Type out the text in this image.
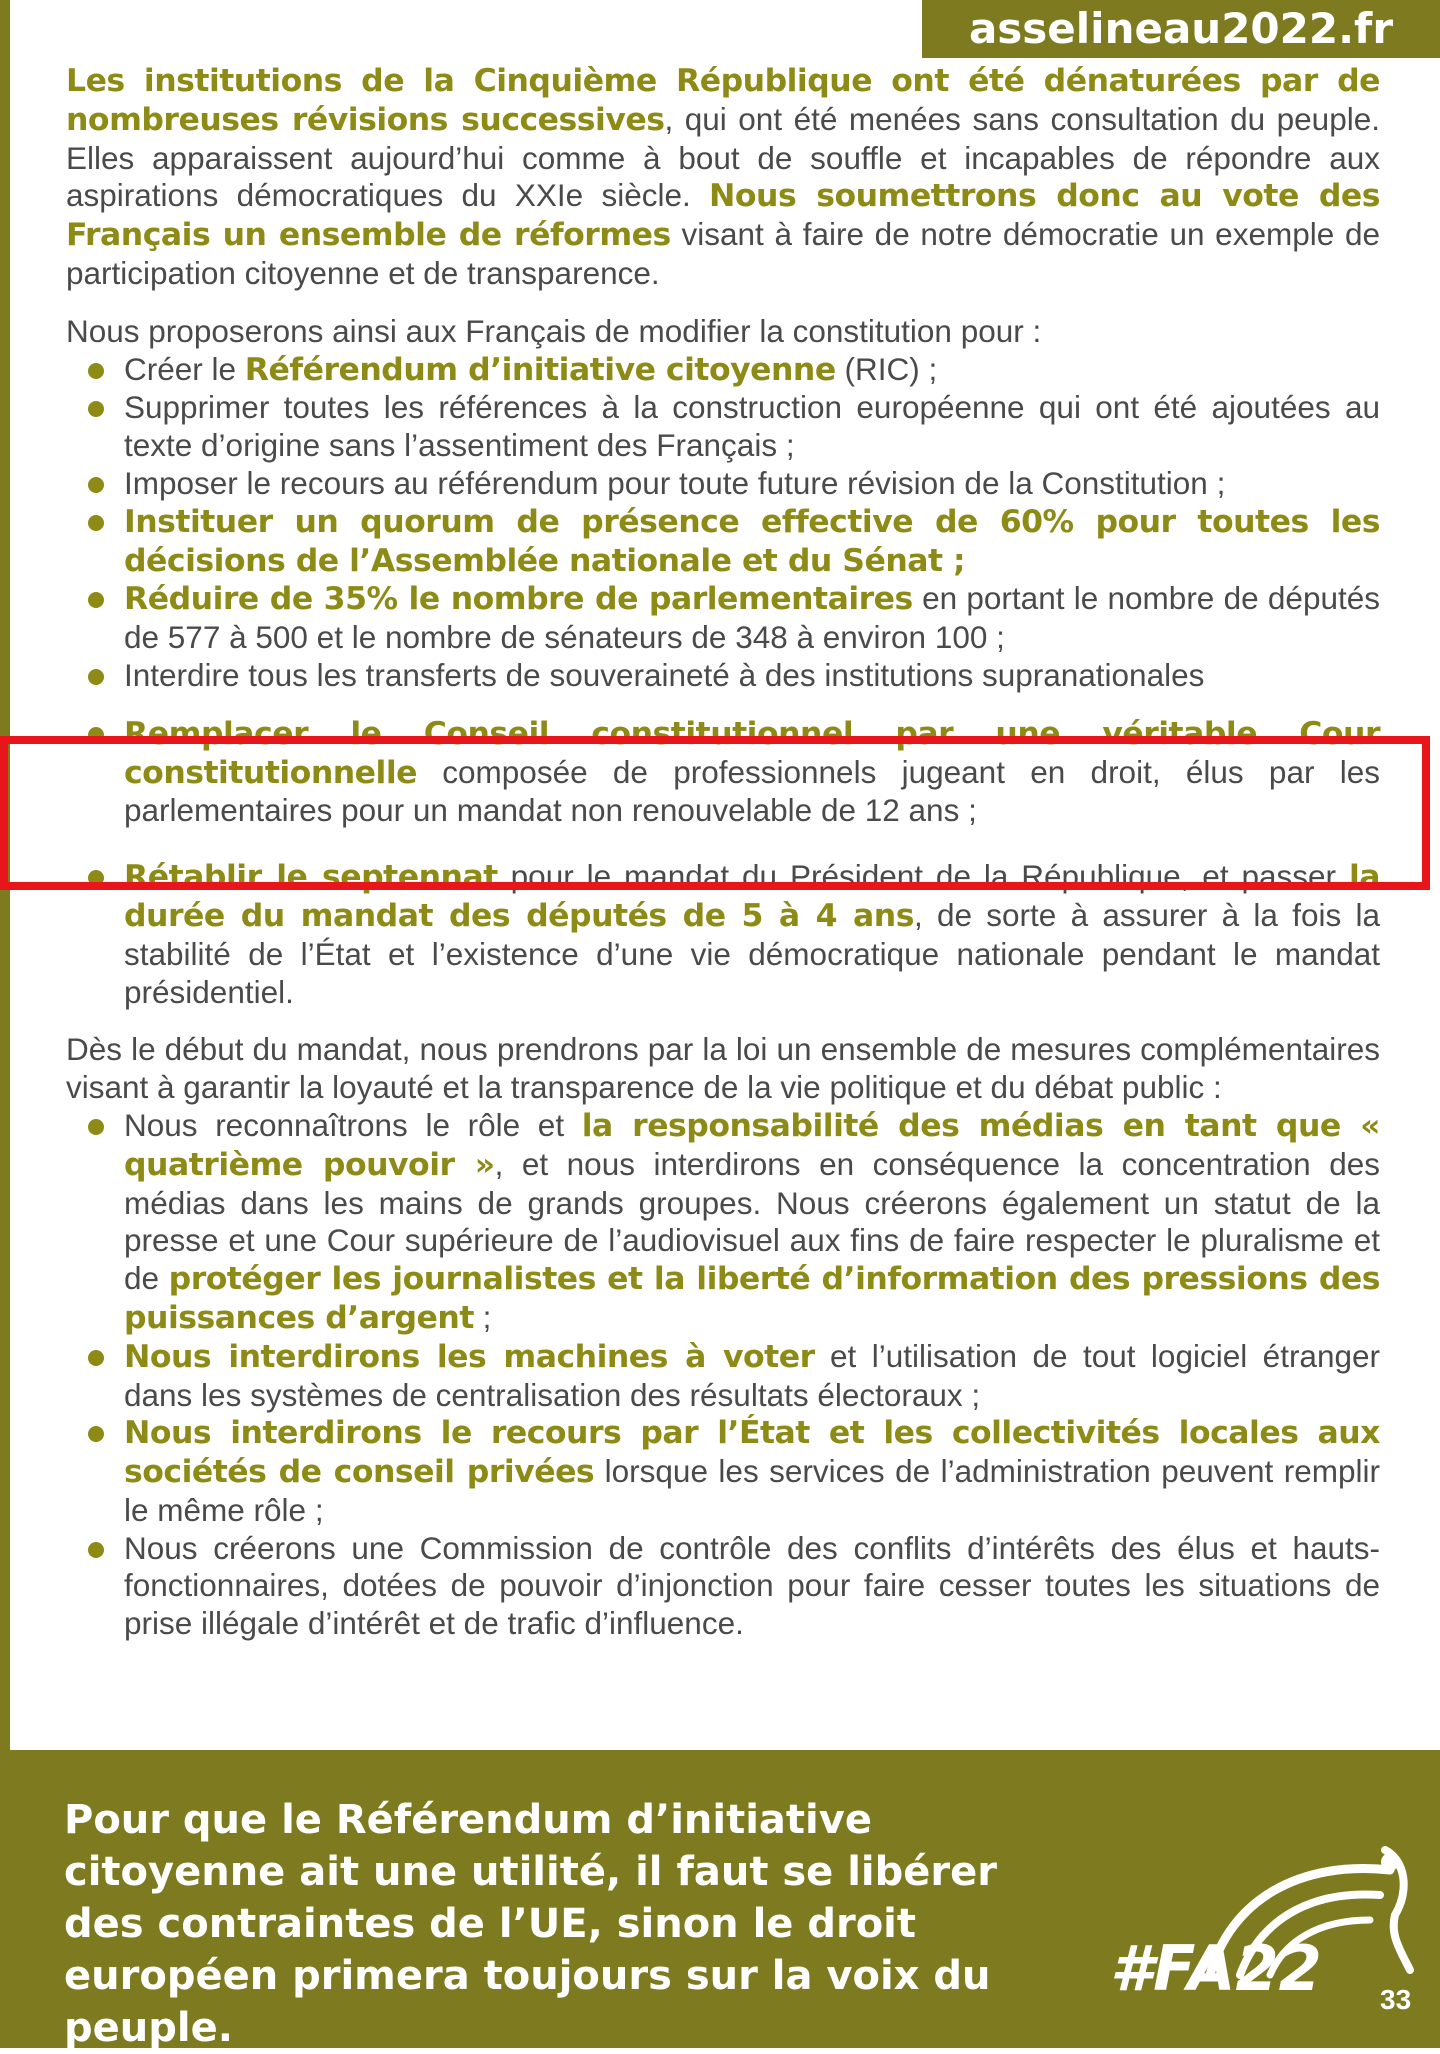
asselineau2022.fr

Les institutions de la Cinquième République ont été dénaturées par de nombreuses révisions successives, qui ont été menées sans consultation du peuple. Elles apparaissent aujourd’hui comme à bout de souffle et incapables de répondre aux aspirations démocratiques du XXIe siècle. Nous soumettrons donc au vote des Français un ensemble de réformes visant à faire de notre démocratie un exemple de participation citoyenne et de transparence.

Nous proposerons ainsi aux Français de modifier la constitution pour :

Créer le Référendum d’initiative citoyenne (RIC) ;
Supprimer toutes les références à la construction européenne qui ont été ajoutées au texte d’origine sans l’assentiment des Français ;
Imposer le recours au référendum pour toute future révision de la Constitution ;
Instituer un quorum de présence effective de 60% pour toutes les décisions de l’Assemblée nationale et du Sénat ;
Réduire de 35% le nombre de parlementaires en portant le nombre de députés de 577 à 500 et le nombre de sénateurs de 348 à environ 100 ;
Interdire tous les transferts de souveraineté à des institutions supranationales
Remplacer le Conseil constitutionnel par une véritable Cour constitutionnelle composée de professionnels jugeant en droit, élus par les parlementaires pour un mandat non renouvelable de 12 ans ;
Rétablir le septennat pour le mandat du Président de la République, et passer la durée du mandat des députés de 5 à 4 ans, de sorte à assurer à la fois la stabilité de l’État et l’existence d’une vie démocratique nationale pendant le mandat présidentiel.

Dès le début du mandat, nous prendrons par la loi un ensemble de mesures complémentaires visant à garantir la loyauté et la transparence de la vie politique et du débat public :

Nous reconnaîtrons le rôle et la responsabilité des médias en tant que « quatrième pouvoir », et nous interdirons en conséquence la concentration des médias dans les mains de grands groupes. Nous créerons également un statut de la presse et une Cour supérieure de l’audiovisuel aux fins de faire respecter le pluralisme et de protéger les journalistes et la liberté d’information des pressions des puissances d’argent ;
Nous interdirons les machines à voter et l’utilisation de tout logiciel étranger dans les systèmes de centralisation des résultats électoraux ;
Nous interdirons le recours par l’État et les collectivités locales aux sociétés de conseil privées lorsque les services de l’administration peuvent remplir le même rôle ;
Nous créerons une Commission de contrôle des conflits d’intérêts des élus et hauts-fonctionnaires, dotées de pouvoir d’injonction pour faire cesser toutes les situations de prise illégale d’intérêt et de trafic d’influence.
Pour que le Référendum d’initiative citoyenne ait une utilité, il faut se libérer des contraintes de l’UE, sinon le droit européen primera toujours sur la voix du peuple.
#FA22 33
